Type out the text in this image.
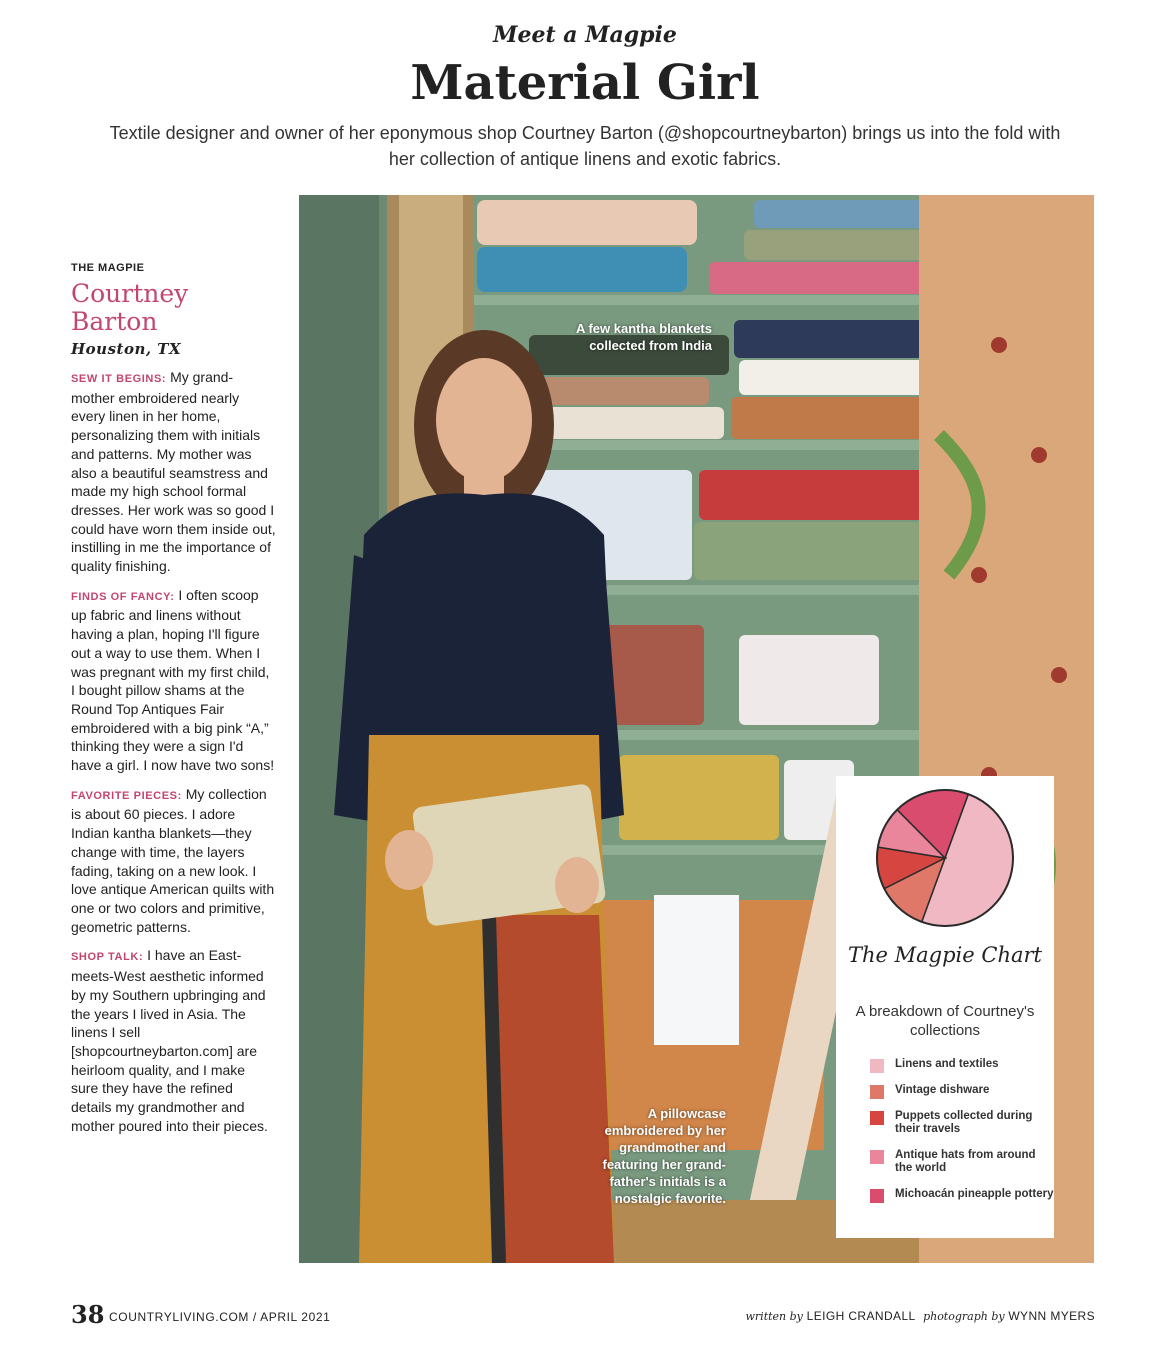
Meet a Magpie
Material Girl
Textile designer and owner of her eponymous shop Courtney Barton (@shopcourtneybarton) brings us into the fold with her collection of antique linens and exotic fabrics.
THE MAGPIE
Courtney Barton
Houston, TX
SEW IT BEGINS: My grand-mother embroidered nearly every linen in her home, personalizing them with initials and patterns. My mother was also a beautiful seamstress and made my high school formal dresses. Her work was so good I could have worn them inside out, instilling in me the importance of quality finishing.
FINDS OF FANCY: I often scoop up fabric and linens without having a plan, hoping I'll figure out a way to use them. When I was pregnant with my first child, I bought pillow shams at the Round Top Antiques Fair embroidered with a big pink “A,” thinking they were a sign I'd have a girl. I now have two sons!
FAVORITE PIECES: My collection is about 60 pieces. I adore Indian kantha blankets—they change with time, the layers fading, taking on a new look. I love antique American quilts with one or two colors and primitive, geometric patterns.
SHOP TALK: I have an East-meets-West aesthetic informed by my Southern upbringing and the years I lived in Asia. The linens I sell [shopcourtneybarton.com] are heirloom quality, and I make sure they have the refined details my grandmother and mother poured into their pieces.
A few kantha blankets collected from India
A pillowcase embroidered by her grandmother and featuring her grand-father's initials is a nostalgic favorite.
The Magpie Chart
A breakdown of Courtney's collections
Linens and textiles
Vintage dishware
Puppets collected during their travels
Antique hats from around the world
Michoacán pineapple pottery
38 COUNTRYLIVING.COM / APRIL 2021	written by LEIGH CRANDALL photograph by WYNN MYERS
